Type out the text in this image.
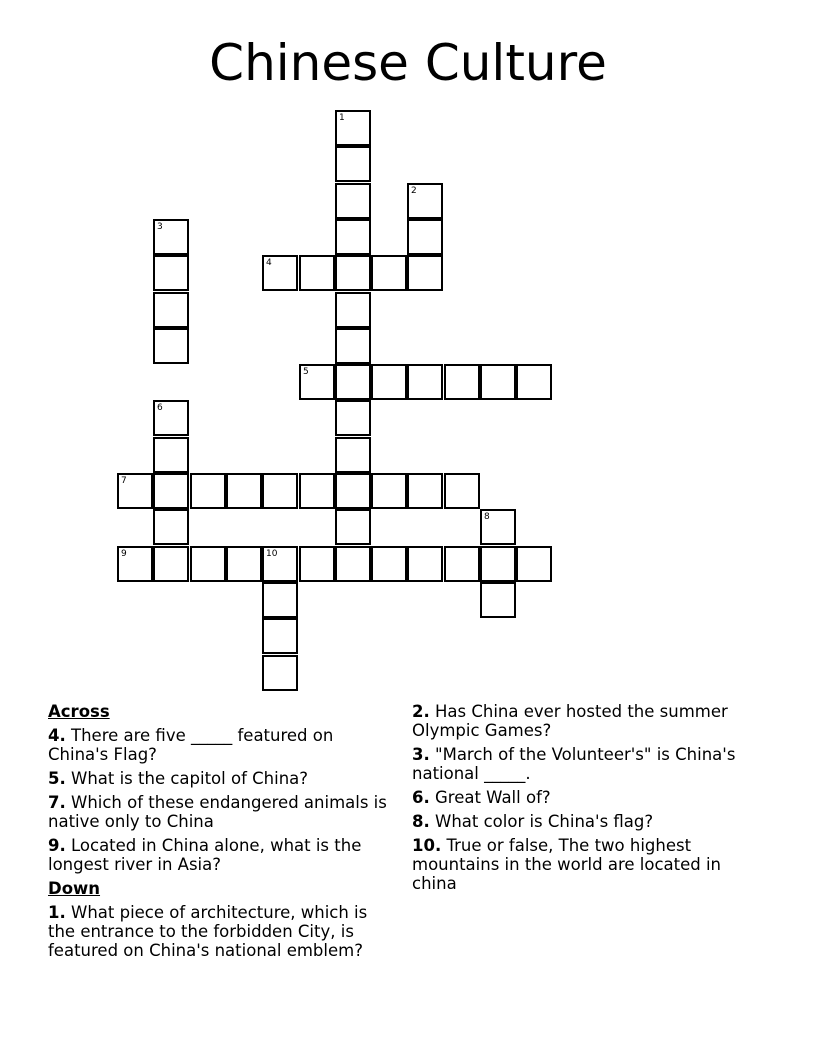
Chinese Culture
1
2
3
4
5
6
7
8
9	10
Across
4. There are five _____ featured on China's Flag?
5. What is the capitol of China?
7. Which of these endangered animals is native only to China
9. Located in China alone, what is the longest river in Asia?
Down
1. What piece of architecture, which is the entrance to the forbidden City, is featured on China's national emblem?
2. Has China ever hosted the summer Olympic Games?
3. "March of the Volunteer's" is China's national _____.
6. Great Wall of?
8. What color is China's flag?
10. True or false, The two highest mountains in the world are located in china
